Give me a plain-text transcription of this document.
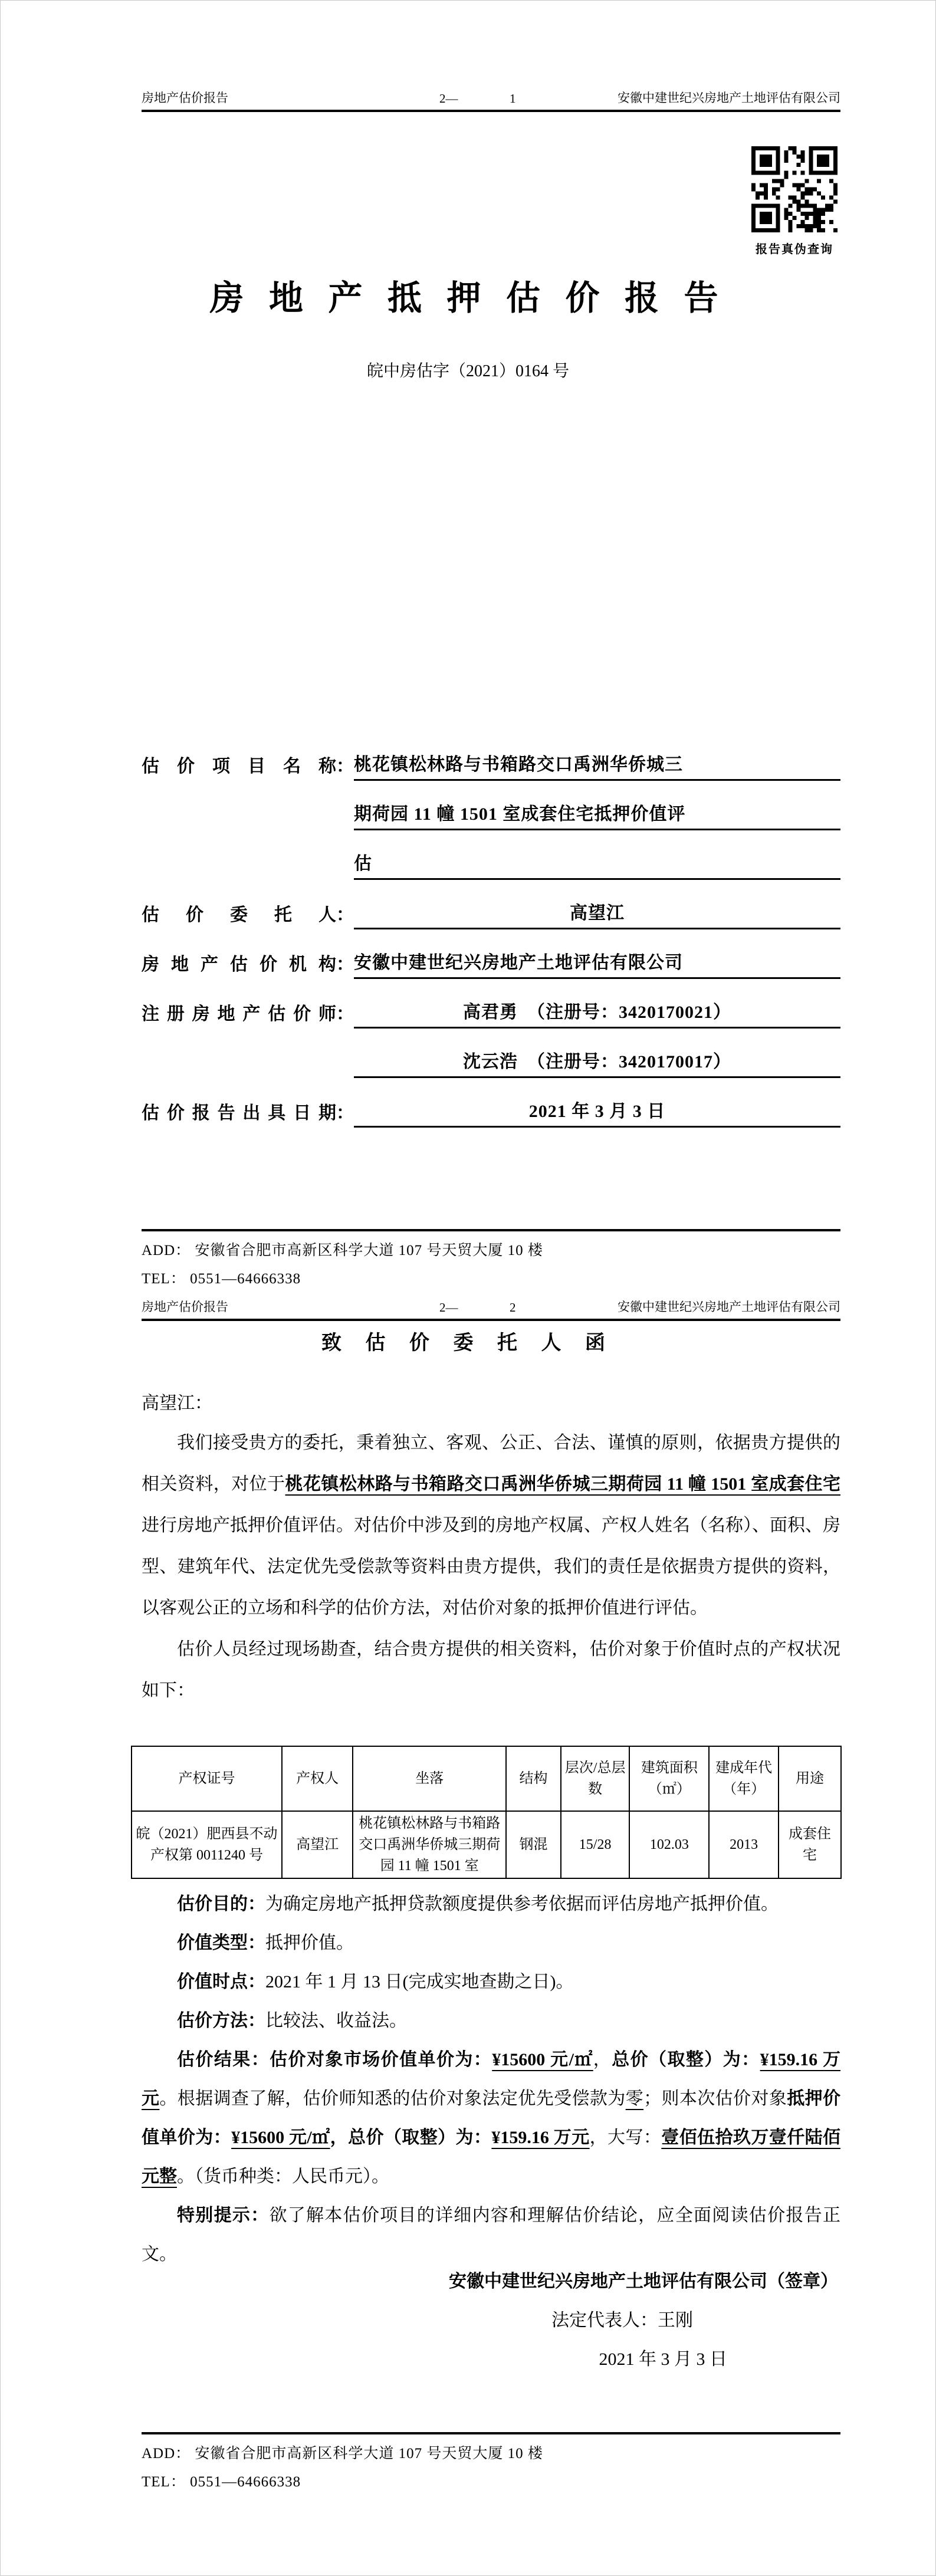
房地产估价报告	2—	1	安徽中建世纪兴房地产土地评估有限公司
报告真伪查询
房 地 产 抵 押 估 价 报 告
皖中房估字（2021）0164 号
估 价 项 目 名 称 ： 桃花镇松林路与书箱路交口禹洲华侨城三
期荷园 11 幢 1501 室成套住宅抵押价值评
估
估 价 委 托 人 ：	高望江
房地产估价机构 ： 安徽中建世纪兴房地产土地评估有限公司
注册房地产估价师 ：	高君勇　（注册号：3420170021）
沈云浩　（注册号：3420170017）
估价报告出具日期 ：	2021 年 3 月 3 日
ADD： 安徽省合肥市高新区科学大道 107 号天贸大厦 10 楼
TEL： 0551—64666338
房地产估价报告	2—	2	安徽中建世纪兴房地产土地评估有限公司
致 估 价 委 托 人 函
高望江：

我们接受贵方的委托，秉着独立、客观、公正、合法、谨慎的原则，依据贵方提供的相关资料，对位于桃花镇松林路与书箱路交口禹洲华侨城三期荷园 11 幢 1501 室成套住宅进行房地产抵押价值评估。对估价中涉及到的房地产权属、产权人姓名（名称）、面积、房型、建筑年代、法定优先受偿款等资料由贵方提供，我们的责任是依据贵方提供的资料，以客观公正的立场和科学的估价方法，对估价对象的抵押价值进行评估。

估价人员经过现场勘查，结合贵方提供的相关资料，估价对象于价值时点的产权状况如下：

产权证号	产权人	坐落	结构	层次/总层数	建筑面积（㎡）	建成年代（年）	用途
皖（2021）肥西县不动产权第 0011240 号	高望江	桃花镇松林路与书箱路交口禹洲华侨城三期荷园 11 幢 1501 室	钢混	15/28	102.03	2013	成套住宅

估价目的：为确定房地产抵押贷款额度提供参考依据而评估房地产抵押价值。

价值类型：抵押价值。

价值时点：2021 年 1 月 13 日(完成实地查勘之日)。

估价方法：比较法、收益法。

估价结果：估价对象市场价值单价为：¥15600 元/㎡，总价（取整）为：¥159.16 万元。根据调查了解，估价师知悉的估价对象法定优先受偿款为零；则本次估价对象抵押价值单价为：¥15600 元/㎡，总价（取整）为：¥159.16 万元，大写：壹佰伍拾玖万壹仟陆佰元整。（货币种类：人民币元）。

特别提示：欲了解本估价项目的详细内容和理解估价结论，应全面阅读估价报告正文。

安徽中建世纪兴房地产土地评估有限公司（签章）
法定代表人：王刚
2021 年 3 月 3 日
ADD： 安徽省合肥市高新区科学大道 107 号天贸大厦 10 楼
TEL： 0551—64666338
